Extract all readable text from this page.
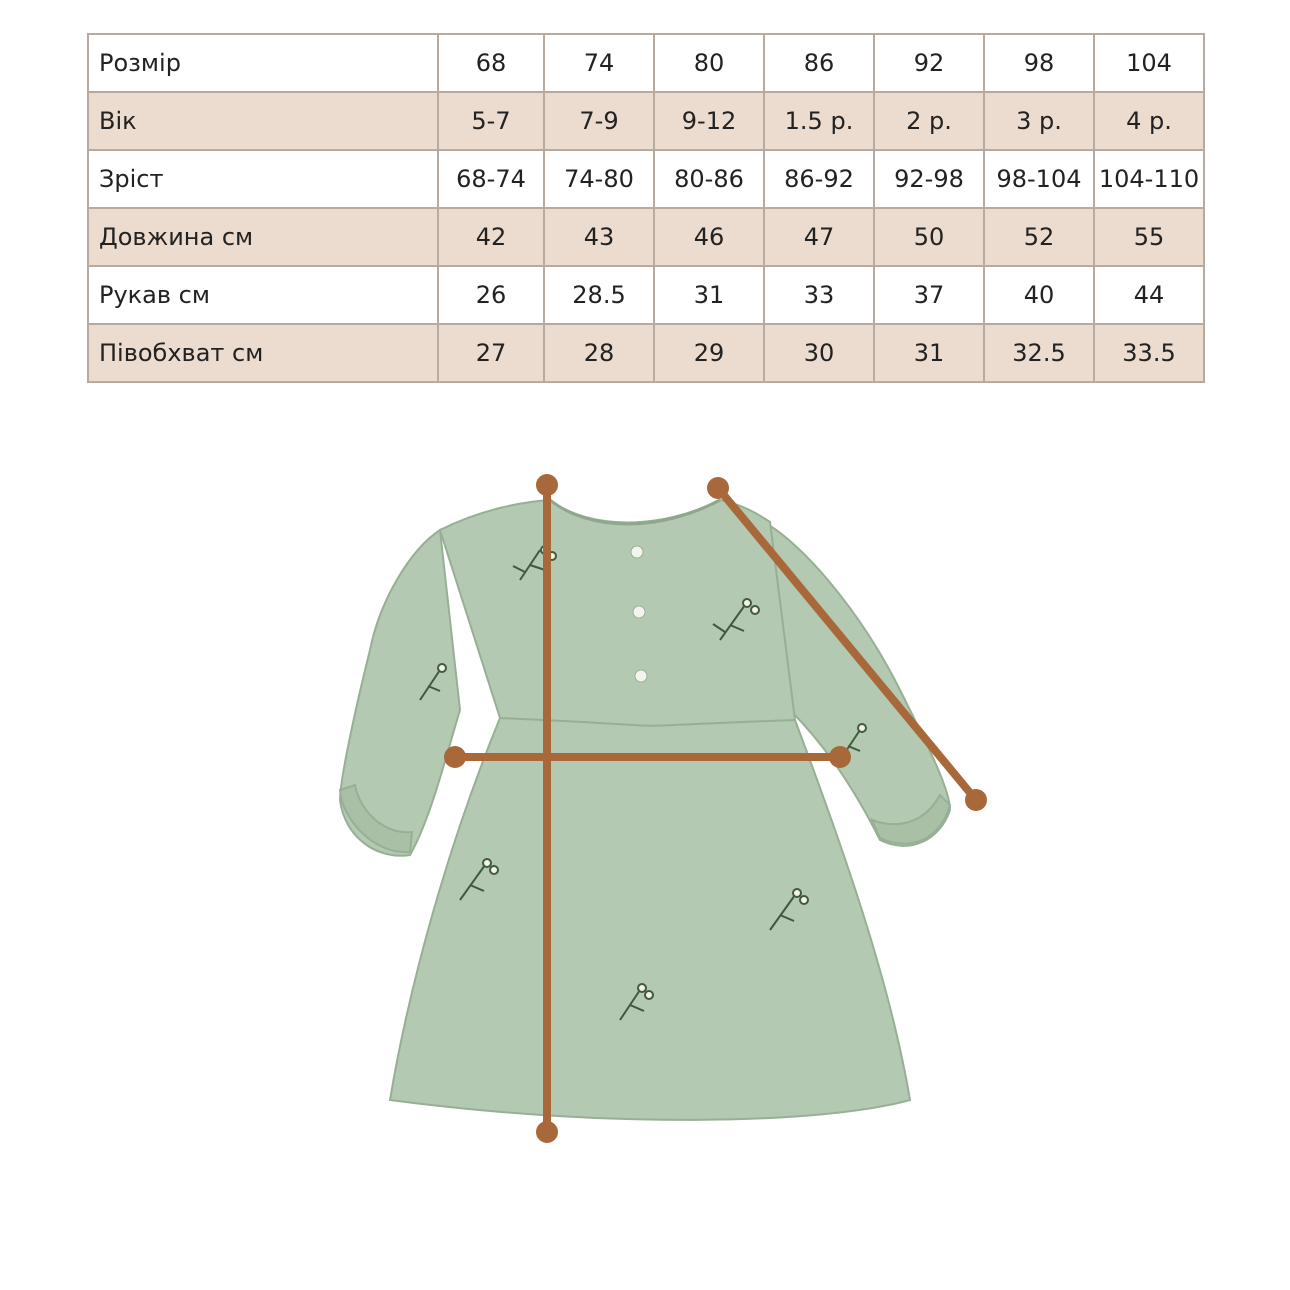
Розмір	68	74	80	86	92	98	104
Вік	5-7	7-9	9-12	1.5 р.	2 р.	3 р.	4 р.
Зріст	68-74	74-80	80-86	86-92	92-98	98-104	104-110
Довжина см	42	43	46	47	50	52	55
Рукав см	26	28.5	31	33	37	40	44
Півобхват см	27	28	29	30	31	32.5	33.5
